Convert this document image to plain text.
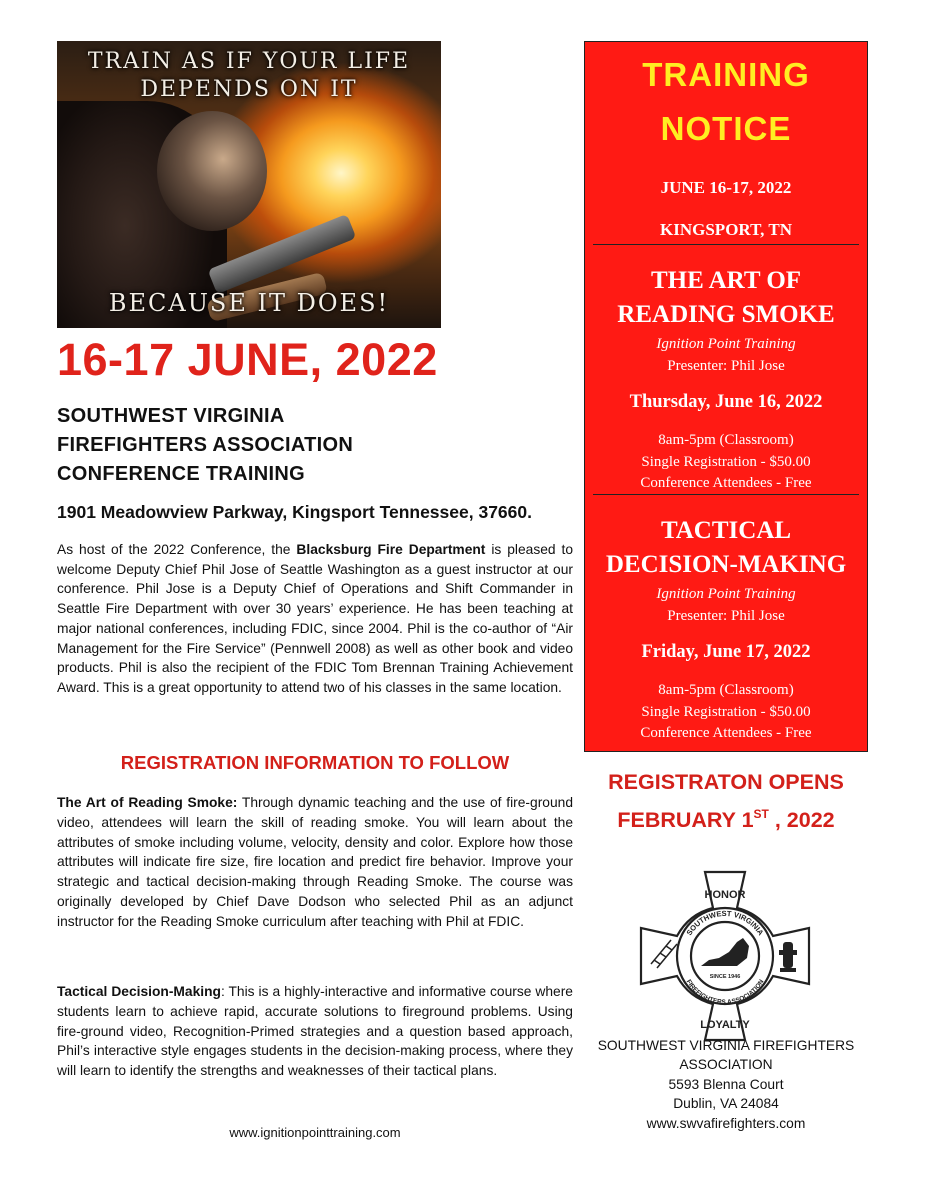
TRAIN AS IF YOUR LIFE
DEPENDS ON IT
BECAUSE IT DOES!
16-17 JUNE, 2022
SOUTHWEST VIRGINIA
FIREFIGHTERS ASSOCIATION
CONFERENCE TRAINING
1901 Meadowview Parkway, Kingsport Tennessee, 37660.
As host of the 2022 Conference, the Blacksburg Fire Department is pleased to welcome Deputy Chief Phil Jose of Seattle Washington as a guest instructor at our conference. Phil Jose is a Deputy Chief of Operations and Shift Commander in Seattle Fire Department with over 30 years’ experience. He has been teaching at major national conferences, including FDIC, since 2004. Phil is the co-author of “Air Management for the Fire Service” (Pennwell 2008) as well as other book and video products. Phil is also the recipient of the FDIC Tom Brennan Training Achievement Award. This is a great opportunity to attend two of his classes in the same location.
REGISTRATION INFORMATION TO FOLLOW
The Art of Reading Smoke: Through dynamic teaching and the use of fire-ground video, attendees will learn the skill of reading smoke. You will learn about the attributes of smoke including volume, velocity, density and color. Explore how those attributes will indicate fire size, fire location and predict fire behavior. Improve your strategic and tactical decision-making through Reading Smoke. The course was originally developed by Chief Dave Dodson who selected Phil as an adjunct instructor for the Reading Smoke curriculum after teaching with Phil at FDIC.
Tactical Decision-Making: This is a highly-interactive and informative course where students learn to achieve rapid, accurate solutions to fireground problems. Using fire-ground video, Recognition-Primed strategies and a question based approach, Phil’s interactive style engages students in the decision-making process, where they will learn to identify the strengths and weaknesses of their tactical plans.
www.ignitionpointtraining.com
TRAINING
NOTICE
JUNE 16-17, 2022
KINGSPORT, TN
THE ART OF
READING SMOKE
Ignition Point Training
Presenter: Phil Jose
Thursday, June 16, 2022
8am-5pm (Classroom)
Single Registration - $50.00
Conference Attendees - Free
TACTICAL
DECISION-MAKING
Ignition Point Training
Presenter: Phil Jose
Friday, June 17, 2022
8am-5pm (Classroom)
Single Registration - $50.00
Conference Attendees - Free
REGISTRATON OPENS
FEBRUARY 1ST , 2022
HONOR
LOYALTY
SOUTHWEST VIRGINIA
FIREFIGHTERS ASSOCIATION
SINCE 1946
SOUTHWEST VIRGINIA FIREFIGHTERS
ASSOCIATION
5593 Blenna Court
Dublin, VA 24084
www.swvafirefighters.com
